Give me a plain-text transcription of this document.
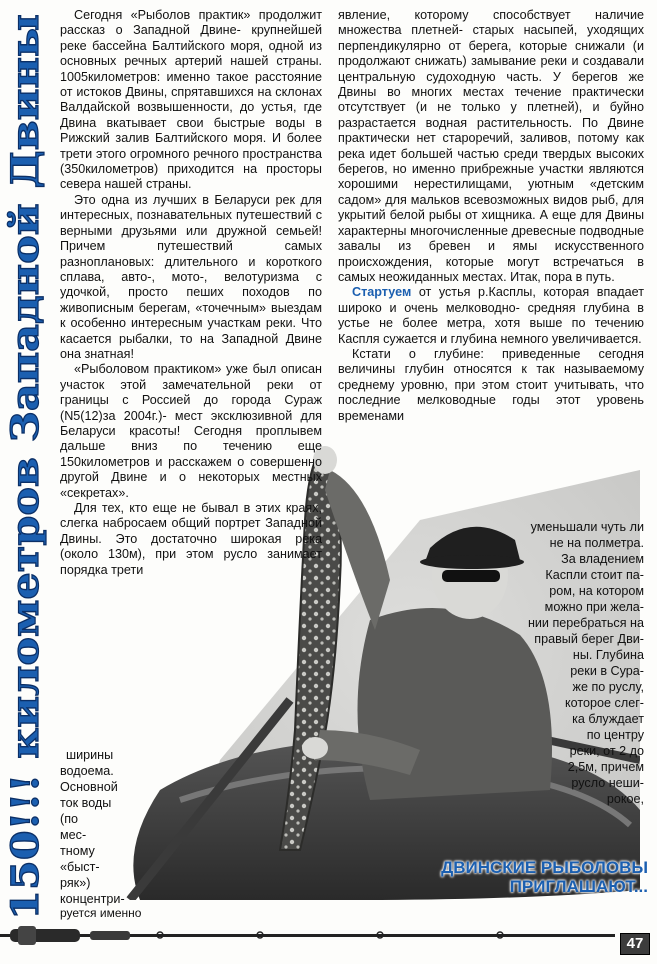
150!!! километров Западной Двины

Сегодня «Рыболов практик» продолжит рассказ о Западной Двине- крупнейшей реке бассейна Балтийского моря, одной из основных речных артерий нашей страны. 1005километров: именно такое расстояние от истоков Двины, спрятавшихся на склонах Валдайской возвышенности, до устья, где Двина вкатывает свои быстрые воды в Рижский залив Балтийского моря. И более трети этого огромного речного пространства (350километров) приходится на просторы севера нашей страны.

Это одна из лучших в Беларуси рек для интересных, познавательных путешествий с верными друзьями или дружной семьей! Причем путешествий самых разноплановых: длительного и короткого сплава, авто-, мото-, велотуризма с удочкой, просто пеших походов по живописным берегам, «точечным» выездам к особенно интересным участкам реки. Что касается рыбалки, то на Западной Двине она знатная!

«Рыболовом практиком» уже был описан участок этой замечательной реки от границы с Россией до города Сураж (N5(12)за 2004г.)- мест эксклюзивной для Беларуси красоты! Сегодня проплывем дальше вниз по течению еще 150километров и расскажем о совершенно другой Двине и о некоторых местных «секретах».

Для тех, кто еще не бывал в этих краях, слегка набросаем общий портрет Западной Двины. Это достаточно широкая река (около 130м), при этом русло занимает порядка трети

ширины
водоема.
Основной
ток воды
(по
мес-
тному
«быст-
ряк»)
концентри-
руется именно

явление, которому способствует наличие множества плетней- старых насыпей, уходящих перпендикулярно от берега, которые снижали (и продолжают снижать) замывание реки и создавали центральную судоходную часть. У берегов же Двины во многих местах течение практически отсутствует (и не только у плетней), и буйно разрастается водная растительность. По Двине практически нет староречий, заливов, потому как река идет большей частью среди твердых высоких берегов, но именно прибрежные участки являются хорошими нерестилищами, уютным «детским садом» для мальков всевозможных видов рыб, для укрытий белой рыбы от хищника. А еще для Двины характерны многочисленные древесные подводные завалы из бревен и ямы искусственного происхождения, которые могут встречаться в самых неожиданных местах. Итак, пора в путь.

Стартуем от устья р.Касплы, которая впадает широко и очень мелководно- средняя глубина в устье не более метра, хотя выше по течению Каспля сужается и глубина немного увеличивается.

Кстати о глубине: приведенные сегодня величины глубин относятся к так называемому среднему уровню, при этом стоит учитывать, что последние мелководные годы этот уровень временами

уменьшали чуть ли
не на полметра.
За владением
Каспли стоит па-
ром, на котором
можно при жела-
нии перебраться на
правый берег Дви-
ны. Глубина
реки в Сура-
же по руслу,
которое слег-
ка блуждает
по центру
реки, от 2 до
2,5м, причем
русло неши-
рокое,
ДВИНСКИЕ РЫБОЛОВЫ
ПРИГЛАШАЮТ...
47
